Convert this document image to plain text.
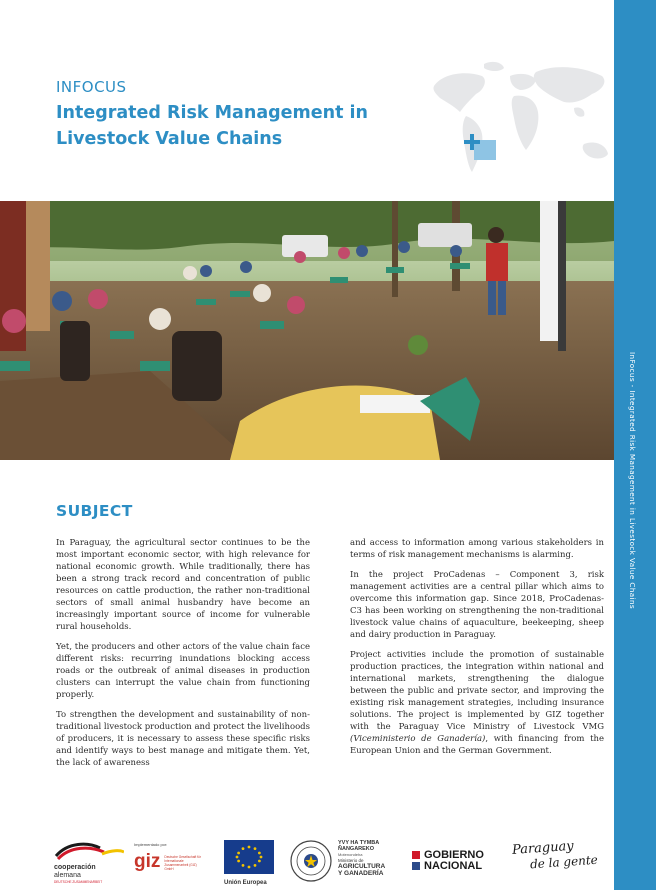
InFocus - Integrated Risk Management in Livestock Value Chains
INFOCUS
Integrated Risk Management in Livestock Value Chains
SUBJECT

In Paraguay, the agricultural sector continues to be the most important economic sector, with high relevance for national economic growth. While traditionally, there has been a strong track record and concentration of public resources on cattle production, the rather non-traditional sectors of small animal husbandry have become an increasingly important source of income for vulnerable rural households.

Yet, the producers and other actors of the value chain face different risks: recurring inundations blocking access roads or the outbreak of animal diseases in production clusters can interrupt the value chain from functioning properly.

To strengthen the development and sustainability of non-traditional livestock production and protect the livelihoods of producers, it is necessary to assess these specific risks and identify ways to best manage and mitigate them. Yet, the lack of awareness

and access to information among various stakeholders in terms of risk management mechanisms is alarming.

In the project ProCadenas – Component 3, risk management activities are a central pillar which aims to overcome this information gap. Since 2018, ProCadenas-C3 has been working on strengthening the non-traditional livestock value chains of aquaculture, beekeeping, sheep and dairy production in Paraguay.

Project activities include the promotion of sustainable production practices, the integration within national and international markets, strengthening the dialogue between the public and private sector, and improving the existing risk management strategies, including insurance solutions. The project is implemented by GIZ together with the Paraguay Vice Ministry of Livestock VMG (Viceministerio de Ganadería), with financing from the European Union and the German Government.

cooperación
alemana
DEUTSCHE ZUSAMMENARBEIT
Implementado por:
giz Deutsche Gesellschaft für Internationale Zusammenarbeit (GIZ) GmbH
Unión Europea
YVY HA TYMBA
ÑANGAREKO
Motenondeha
Ministerio de
AGRICULTURA
Y GANADERÍA
GOBIERNO
NACIONAL
Paraguay
de la gente
